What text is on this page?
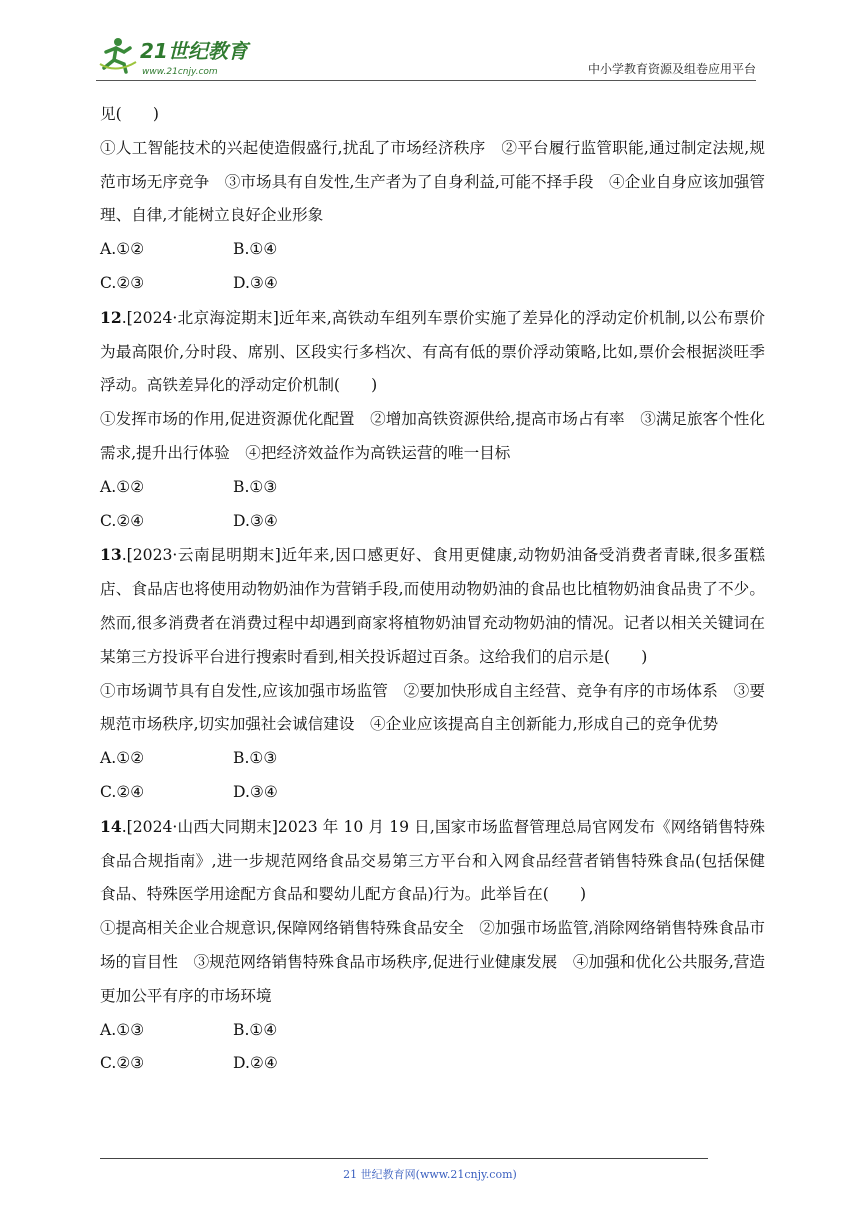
21世纪教育
www.21cnjy.com	中小学教育资源及组卷应用平台

见(　　)

①人工智能技术的兴起使造假盛行,扰乱了市场经济秩序　②平台履行监管职能,通过制定法规,规范市场无序竞争　③市场具有自发性,生产者为了自身利益,可能不择手段　④企业自身应该加强管理、自律,才能树立良好企业形象

A.①②	B.①④
C.②③	D.③④

12.[2024·北京海淀期末]近年来,高铁动车组列车票价实施了差异化的浮动定价机制,以公布票价为最高限价,分时段、席别、区段实行多档次、有高有低的票价浮动策略,比如,票价会根据淡旺季浮动。高铁差异化的浮动定价机制(　　)

①发挥市场的作用,促进资源优化配置　②增加高铁资源供给,提高市场占有率　③满足旅客个性化需求,提升出行体验　④把经济效益作为高铁运营的唯一目标

A.①②	B.①③
C.②④	D.③④

13.[2023·云南昆明期末]近年来,因口感更好、食用更健康,动物奶油备受消费者青睐,很多蛋糕店、食品店也将使用动物奶油作为营销手段,而使用动物奶油的食品也比植物奶油食品贵了不少。然而,很多消费者在消费过程中却遇到商家将植物奶油冒充动物奶油的情况。记者以相关关键词在某第三方投诉平台进行搜索时看到,相关投诉超过百条。这给我们的启示是(　　)

①市场调节具有自发性,应该加强市场监管　②要加快形成自主经营、竞争有序的市场体系　③要规范市场秩序,切实加强社会诚信建设　④企业应该提高自主创新能力,形成自己的竞争优势

A.①②	B.①③
C.②④	D.③④

14.[2024·山西大同期末]2023 年 10 月 19 日,国家市场监督管理总局官网发布《网络销售特殊食品合规指南》,进一步规范网络食品交易第三方平台和入网食品经营者销售特殊食品(包括保健食品、特殊医学用途配方食品和婴幼儿配方食品)行为。此举旨在(　　)

①提高相关企业合规意识,保障网络销售特殊食品安全　②加强市场监管,消除网络销售特殊食品市场的盲目性　③规范网络销售特殊食品市场秩序,促进行业健康发展　④加强和优化公共服务,营造更加公平有序的市场环境

A.①③	B.①④
C.②③	D.②④
21 世纪教育网(www.21cnjy.com)
